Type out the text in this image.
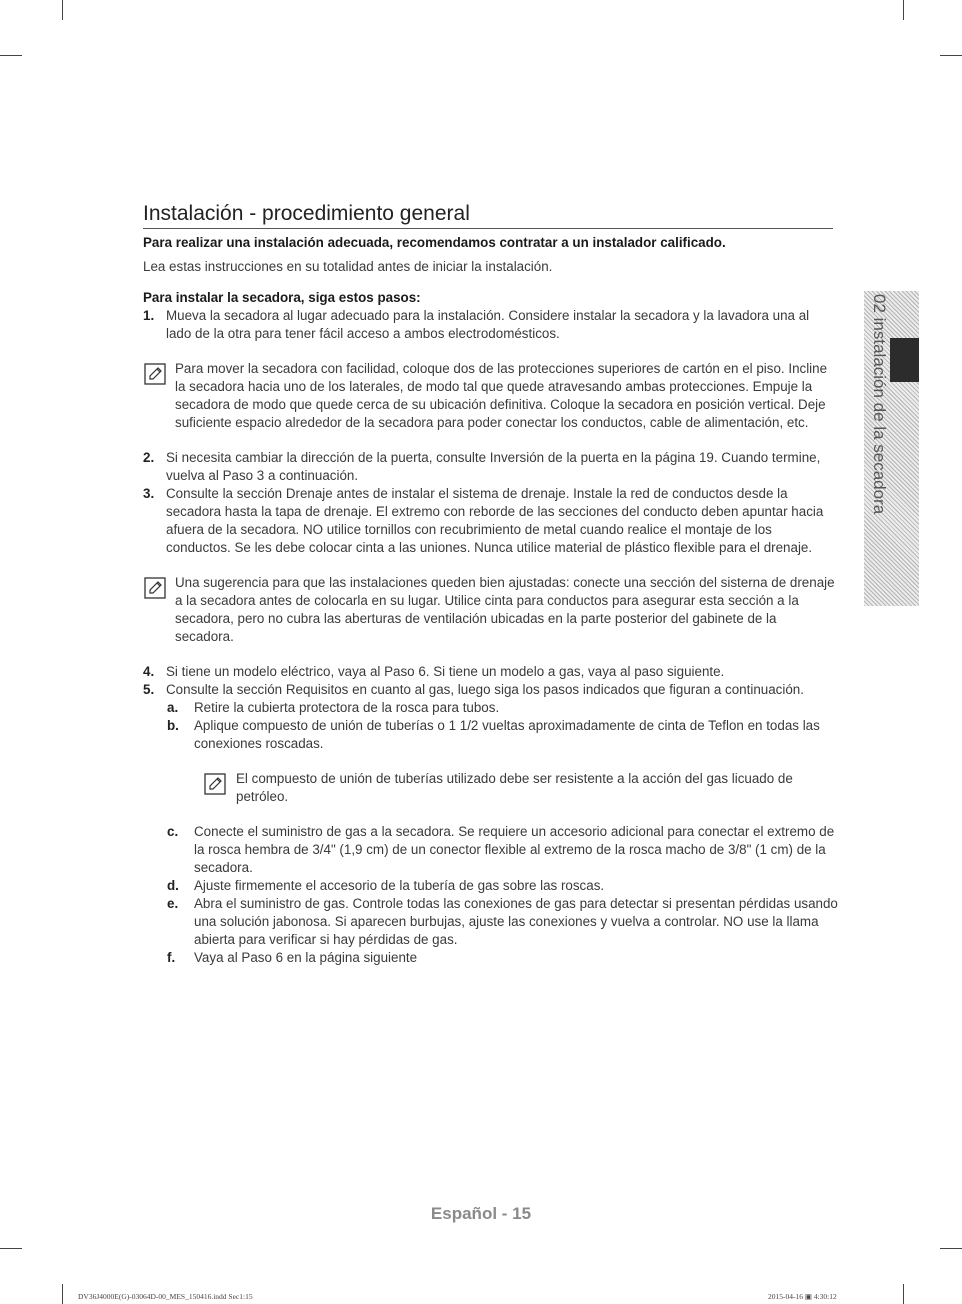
02 instalación de la secadora
Instalación - procedimiento general

Para realizar una instalación adecuada, recomendamos contratar a un instalador calificado.

Lea estas instrucciones en su totalidad antes de iniciar la instalación.

Para instalar la secadora, siga estos pasos:

1. Mueva la secadora al lugar adecuado para la instalación. Considere instalar la secadora y la lavadora una al lado de la otra para tener fácil acceso a ambos electrodomésticos.
Para mover la secadora con facilidad, coloque dos de las protecciones superiores de cartón en el piso. Incline la secadora hacia uno de los laterales, de modo tal que quede atravesando ambas protecciones. Empuje la secadora de modo que quede cerca de su ubicación definitiva. Coloque la secadora en posición vertical. Deje suficiente espacio alrededor de la secadora para poder conectar los conductos, cable de alimentación, etc.
2. Si necesita cambiar la dirección de la puerta, consulte Inversión de la puerta en la página 19. Cuando termine, vuelva al Paso 3 a continuación.
3. Consulte la sección Drenaje antes de instalar el sistema de drenaje. Instale la red de conductos desde la secadora hasta la tapa de drenaje. El extremo con reborde de las secciones del conducto deben apuntar hacia afuera de la secadora. NO utilice tornillos con recubrimiento de metal cuando realice el montaje de los conductos. Se les debe colocar cinta a las uniones. Nunca utilice material de plástico flexible para el drenaje.
Una sugerencia para que las instalaciones queden bien ajustadas: conecte una sección del sisterna de drenaje a la secadora antes de colocarla en su lugar. Utilice cinta para conductos para asegurar esta sección a la secadora, pero no cubra las aberturas de ventilación ubicadas en la parte posterior del gabinete de la secadora.
4. Si tiene un modelo eléctrico, vaya al Paso 6. Si tiene un modelo a gas, vaya al paso siguiente.
5. Consulte la sección Requisitos en cuanto al gas, luego siga los pasos indicados que figuran a continuación.
a. Retire la cubierta protectora de la rosca para tubos.
b. Aplique compuesto de unión de tuberías o 1 1/2 vueltas aproximadamente de cinta de Teflon en todas las conexiones roscadas.
El compuesto de unión de tuberías utilizado debe ser resistente a la acción del gas licuado de petróleo.
c. Conecte el suministro de gas a la secadora. Se requiere un accesorio adicional para conectar el extremo de la rosca hembra de 3/4" (1,9 cm) de un conector flexible al extremo de la rosca macho de 3/8" (1 cm) de la secadora.
d. Ajuste firmemente el accesorio de la tubería de gas sobre las roscas.
e. Abra el suministro de gas. Controle todas las conexiones de gas para detectar si presentan pérdidas usando una solución jabonosa. Si aparecen burbujas, ajuste las conexiones y vuelva a controlar. NO use la llama abierta para verificar si hay pérdidas de gas.
f. Vaya al Paso 6 en la página siguiente
Español - 15
DV36J4000E(G)-03064D-00_MES_150416.indd Sec1:15	2015-04-16 ▣ 4:30:12
